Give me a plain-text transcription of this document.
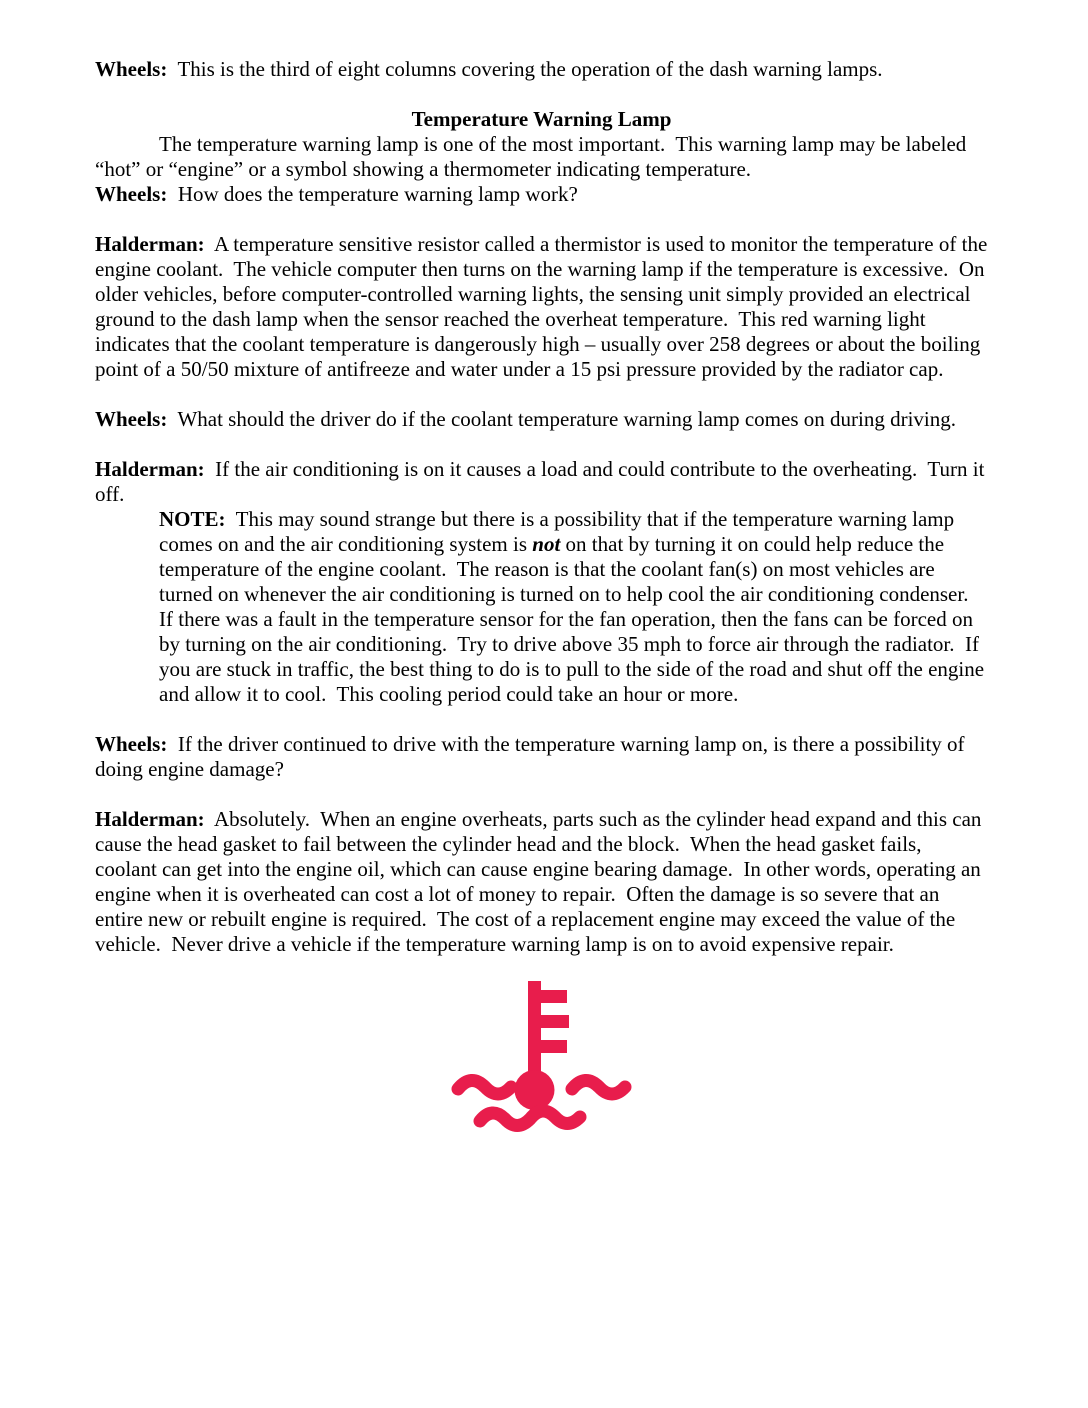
Wheels:  This is the third of eight columns covering the operation of the dash warning lamps.

Temperature Warning Lamp

The temperature warning lamp is one of the most important.  This warning lamp may be labeled “hot” or “engine” or a symbol showing a thermometer indicating temperature.

Wheels:  How does the temperature warning lamp work?

Halderman:  A temperature sensitive resistor called a thermistor is used to monitor the temperature of the engine coolant.  The vehicle computer then turns on the warning lamp if the temperature is excessive.  On older vehicles, before computer-controlled warning lights, the sensing unit simply provided an electrical ground to the dash lamp when the sensor reached the overheat temperature.  This red warning light indicates that the coolant temperature is dangerously high – usually over 258 degrees or about the boiling point of a 50/50 mixture of antifreeze and water under a 15 psi pressure provided by the radiator cap.

Wheels:  What should the driver do if the coolant temperature warning lamp comes on during driving.

Halderman:  If the air conditioning is on it causes a load and could contribute to the overheating.  Turn it off.

NOTE:  This may sound strange but there is a possibility that if the temperature warning lamp comes on and the air conditioning system is not on that by turning it on could help reduce the temperature of the engine coolant.  The reason is that the coolant fan(s) on most vehicles are turned on whenever the air conditioning is turned on to help cool the air conditioning condenser.  If there was a fault in the temperature sensor for the fan operation, then the fans can be forced on by turning on the air conditioning.  Try to drive above 35 mph to force air through the radiator.  If you are stuck in traffic, the best thing to do is to pull to the side of the road and shut off the engine and allow it to cool.  This cooling period could take an hour or more.

Wheels:  If the driver continued to drive with the temperature warning lamp on, is there a possibility of doing engine damage?

Halderman:  Absolutely.  When an engine overheats, parts such as the cylinder head expand and this can cause the head gasket to fail between the cylinder head and the block.  When the head gasket fails, coolant can get into the engine oil, which can cause engine bearing damage.  In other words, operating an engine when it is overheated can cost a lot of money to repair.  Often the damage is so severe that an entire new or rebuilt engine is required.  The cost of a replacement engine may exceed the value of the vehicle.  Never drive a vehicle if the temperature warning lamp is on to avoid expensive repair.
